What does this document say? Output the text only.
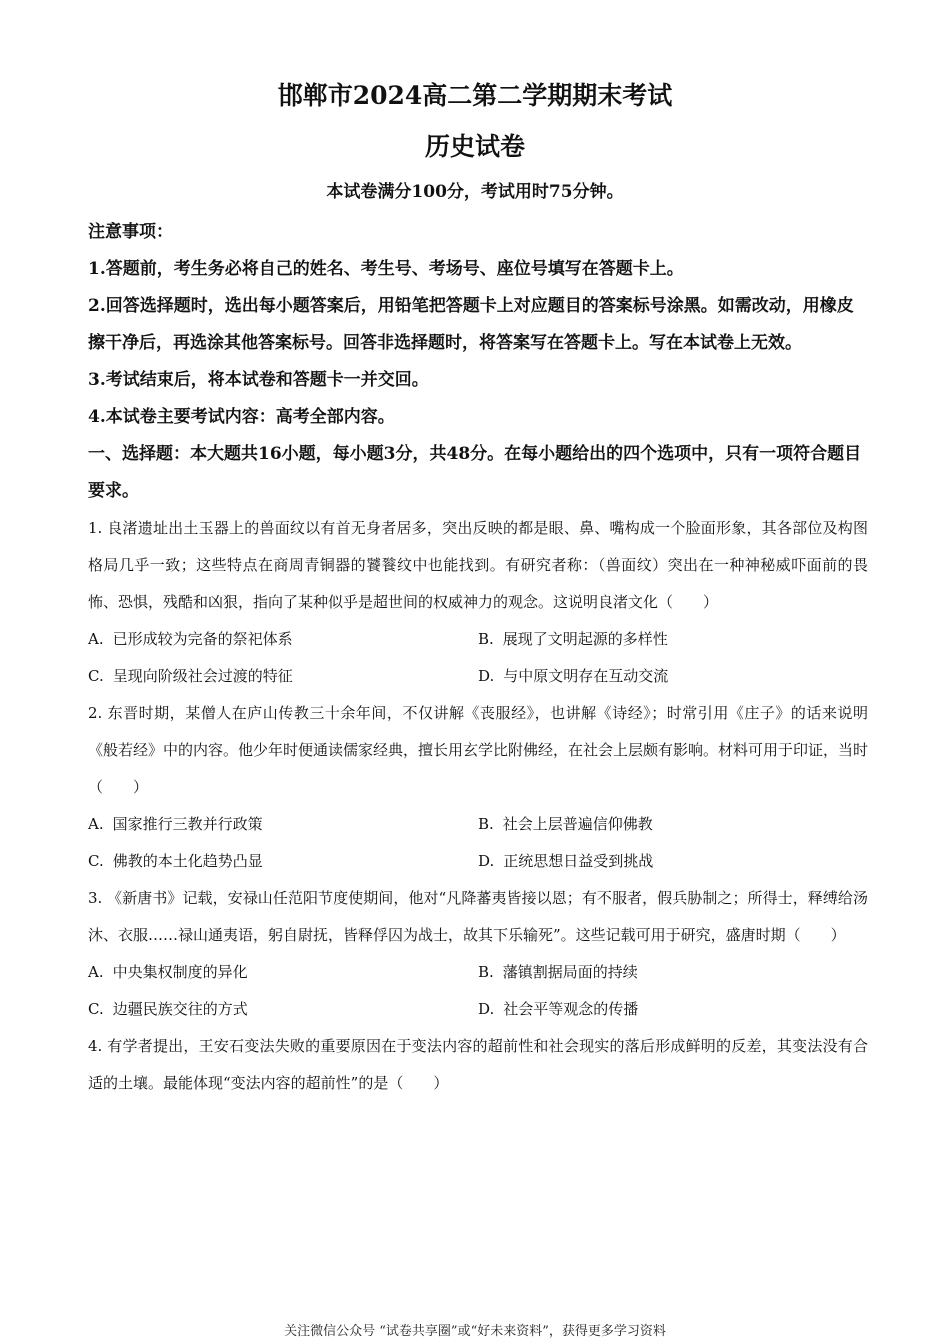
邯郸市2024高二第二学期期末考试
历史试卷
本试卷满分100分，考试用时75分钟。
注意事项：

1.答题前，考生务必将自己的姓名、考生号、考场号、座位号填写在答题卡上。

2.回答选择题时，选出每小题答案后，用铅笔把答题卡上对应题目的答案标号涂黑。如需改动，用橡皮擦干净后，再选涂其他答案标号。回答非选择题时，将答案写在答题卡上。写在本试卷上无效。

3.考试结束后，将本试卷和答题卡一并交回。

4.本试卷主要考试内容：高考全部内容。

一、选择题：本大题共16小题，每小题3分，共48分。在每小题给出的四个选项中，只有一项符合题目要求。

1. 良渚遗址出土玉器上的兽面纹以有首无身者居多，突出反映的都是眼、鼻、嘴构成一个脸面形象，其各部位及构图格局几乎一致；这些特点在商周青铜器的饕餮纹中也能找到。有研究者称：（兽面纹）突出在一种神秘威吓面前的畏怖、恐惧，残酷和凶狠，指向了某种似乎是超世间的权威神力的观念。这说明良渚文化（　　）

A. 已形成较为完备的祭祀体系	B. 展现了文明起源的多样性
C. 呈现向阶级社会过渡的特征	D. 与中原文明存在互动交流

2. 东晋时期，某僧人在庐山传教三十余年间，不仅讲解《丧服经》，也讲解《诗经》；时常引用《庄子》的话来说明《般若经》中的内容。他少年时便通读儒家经典，擅长用玄学比附佛经，在社会上层颇有影响。材料可用于印证，当时（　　）

A. 国家推行三教并行政策	B. 社会上层普遍信仰佛教
C. 佛教的本土化趋势凸显	D. 正统思想日益受到挑战

3. 《新唐书》记载，安禄山任范阳节度使期间，他对“凡降蕃夷皆接以恩；有不服者，假兵胁制之；所得士，释缚给汤沐、衣服……禄山通夷语，躬自尉抚，皆释俘囚为战士，故其下乐输死”。这些记载可用于研究，盛唐时期（　　）

A. 中央集权制度的异化	B. 藩镇割据局面的持续
C. 边疆民族交往的方式	D. 社会平等观念的传播

4. 有学者提出，王安石变法失败的重要原因在于变法内容的超前性和社会现实的落后形成鲜明的反差，其变法没有合适的土壤。最能体现“变法内容的超前性”的是（　　）

关注微信公众号 “试卷共享圈”或“好未来资料”，获得更多学习资料
